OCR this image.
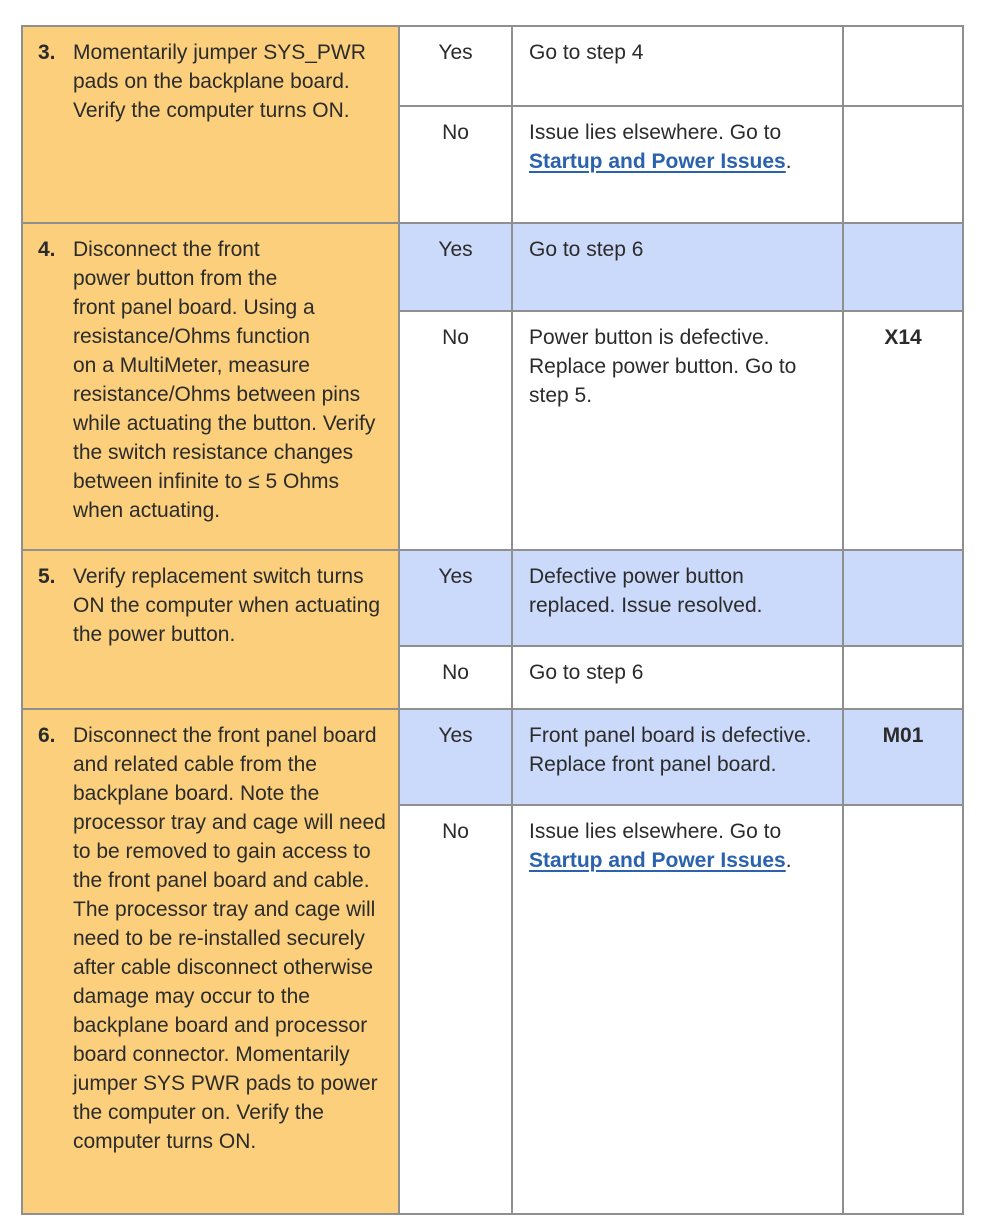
3. Momentarily jumper SYS_PWR pads on the backplane board. Verify the computer turns ON.	Yes	Go to step 4	
	No	Issue lies elsewhere. Go to
Startup and Power Issues.	

4. Disconnect the front
power button from the
front panel board. Using a resistance/Ohms function
on a MultiMeter, measure resistance/Ohms between pins while actuating the button. Verify the switch resistance changes between infinite to ≤ 5 Ohms when actuating.	Yes	Go to step 6	
	No	Power button is defective. Replace power button. Go to step 5.	X14

5. Verify replacement switch turns ON the computer when actuating the power button.	Yes	Defective power button replaced. Issue resolved.	
	No	Go to step 6	

6. Disconnect the front panel board and related cable from the backplane board. Note the processor tray and cage will need to be removed to gain access to the front panel board and cable. The processor tray and cage will need to be re-installed securely after cable disconnect otherwise damage may occur to the backplane board and processor board connector. Momentarily jumper SYS PWR pads to power the computer on. Verify the computer turns ON.	Yes	Front panel board is defective. Replace front panel board.	M01
	No	Issue lies elsewhere. Go to
Startup and Power Issues.	
